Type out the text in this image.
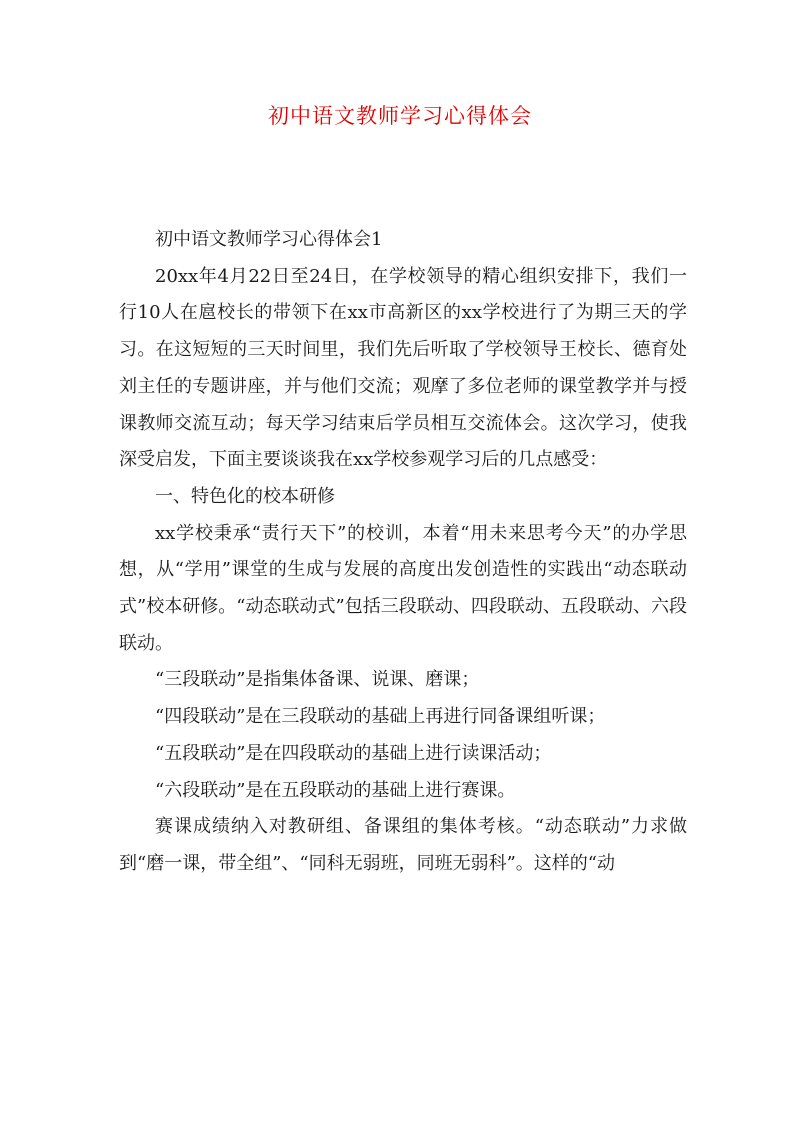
初中语文教师学习心得体会

初中语文教师学习心得体会1

20xx年4月22日至24日，在学校领导的精心组织安排下，我们一行10人在扈校长的带领下在xx市高新区的xx学校进行了为期三天的学习。在这短短的三天时间里，我们先后听取了学校领导王校长、德育处刘主任的专题讲座，并与他们交流；观摩了多位老师的课堂教学并与授课教师交流互动；每天学习结束后学员相互交流体会。这次学习，使我深受启发，下面主要谈谈我在xx学校参观学习后的几点感受：

一、特色化的校本研修

xx学校秉承“责行天下”的校训，本着“用未来思考今天”的办学思想，从“学用”课堂的生成与发展的高度出发创造性的实践出“动态联动式”校本研修。“动态联动式”包括三段联动、四段联动、五段联动、六段联动。

“三段联动”是指集体备课、说课、磨课；

“四段联动”是在三段联动的基础上再进行同备课组听课；

“五段联动”是在四段联动的基础上进行读课活动；

“六段联动”是在五段联动的基础上进行赛课。

赛课成绩纳入对教研组、备课组的集体考核。“动态联动”力求做到“磨一课，带全组”、“同科无弱班，同班无弱科”。这样的“动
